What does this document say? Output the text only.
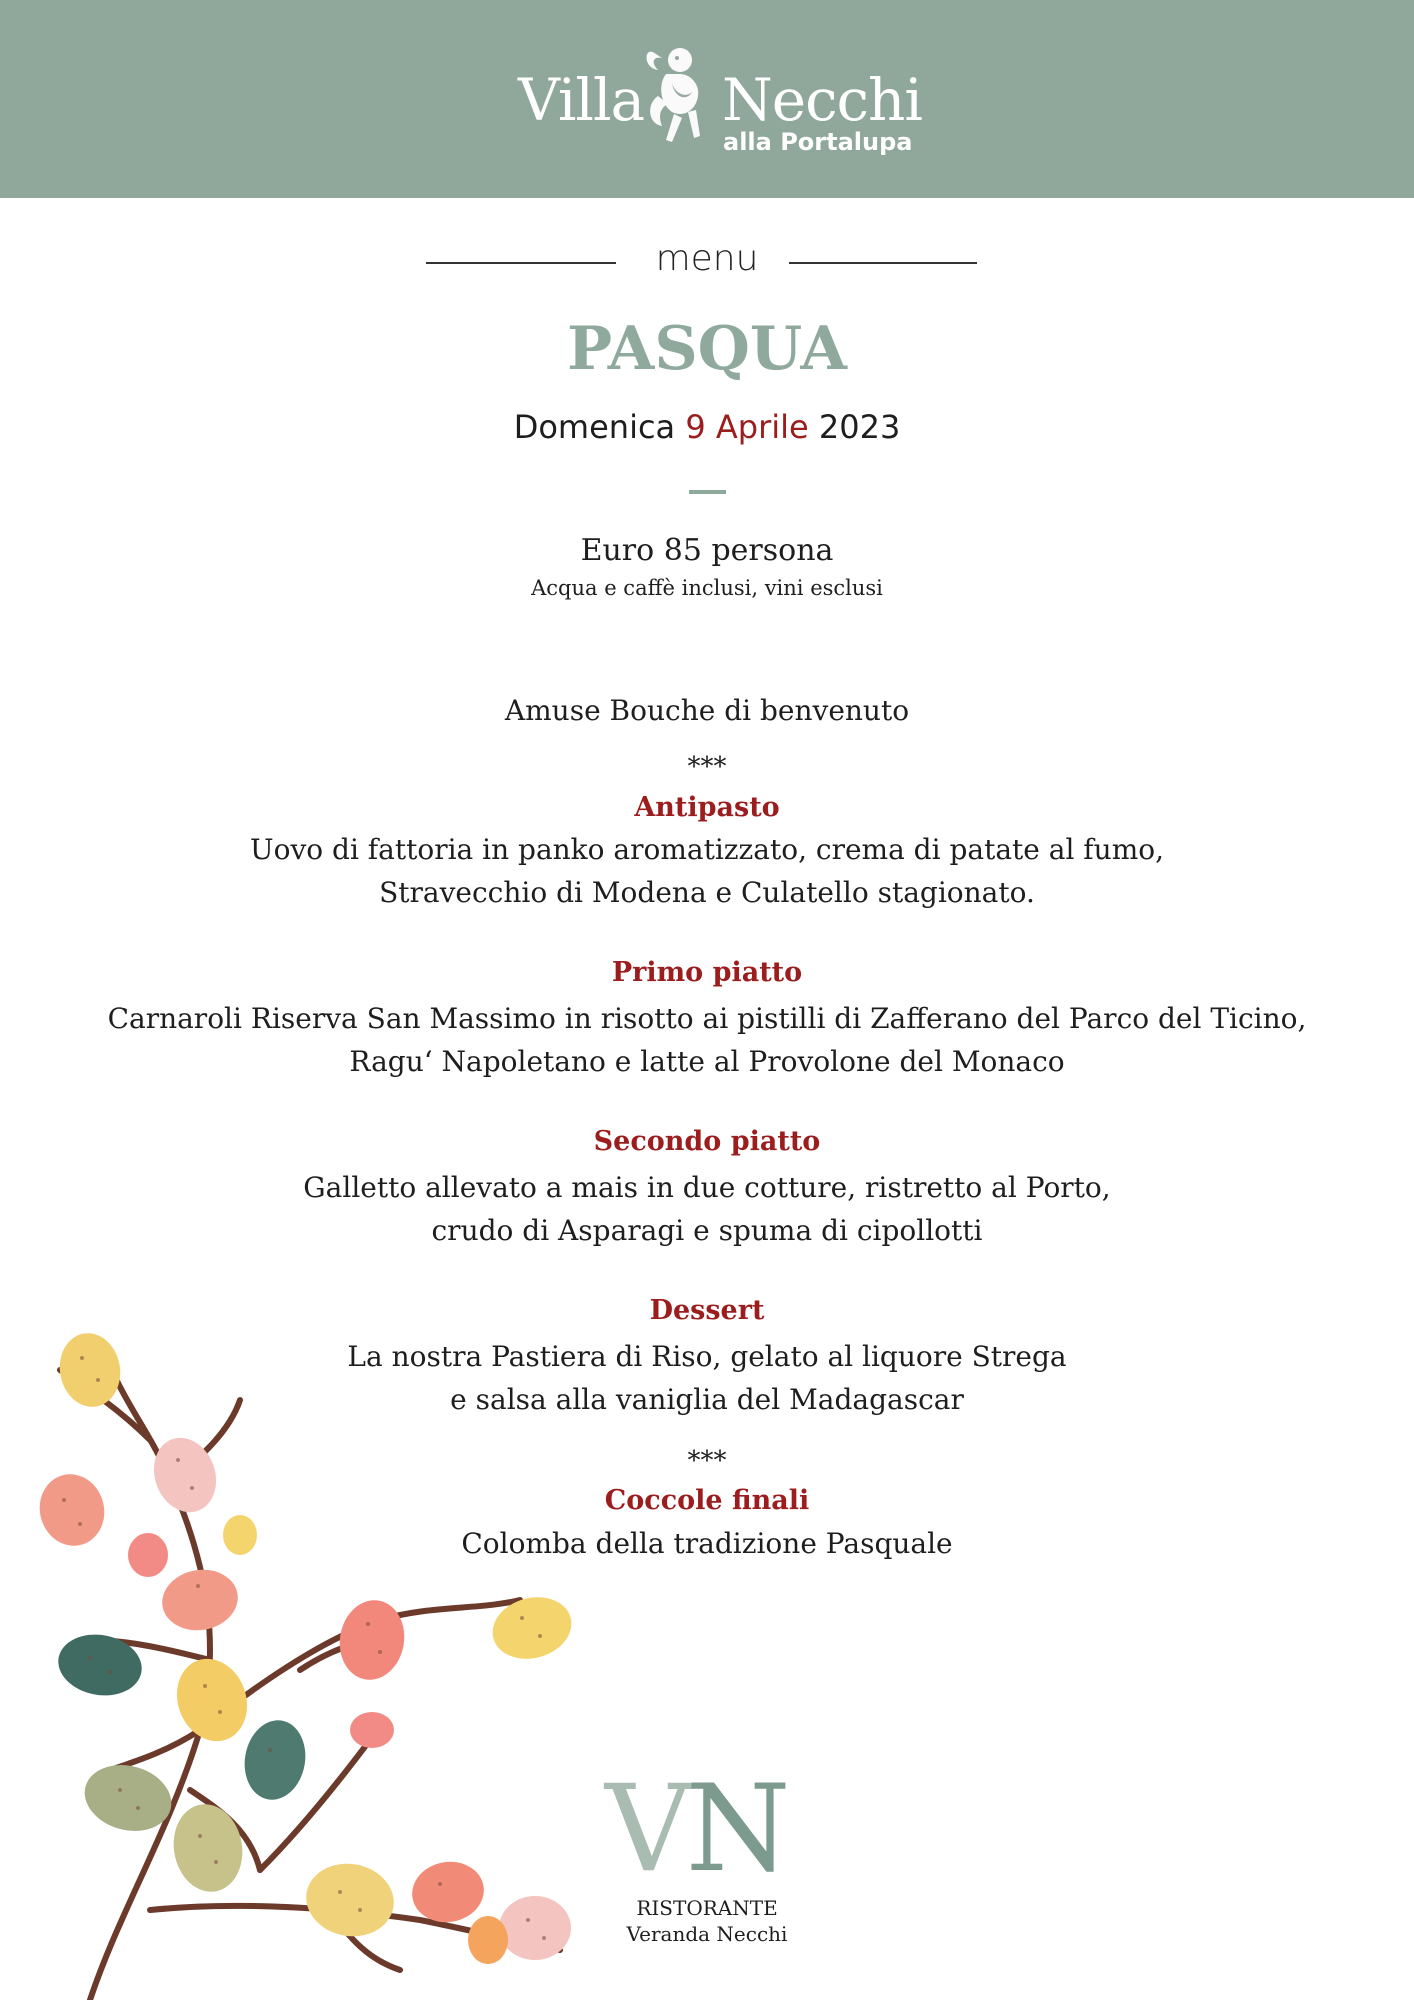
Villa Necchi
alla Portalupa
menu
PASQUA
Domenica 9 Aprile 2023
Euro 85 persona
Acqua e caffè inclusi, vini esclusi
Amuse Bouche di benvenuto
***
Antipasto
Uovo di fattoria in panko aromatizzato, crema di patate al fumo,
Stravecchio di Modena e Culatello stagionato.
Primo piatto
Carnaroli Riserva San Massimo in risotto ai pistilli di Zafferano del Parco del Ticino,
Ragu‘ Napoletano e latte al Provolone del Monaco
Secondo piatto
Galletto allevato a mais in due cotture, ristretto al Porto,
crudo di Asparagi e spuma di cipollotti
Dessert
La nostra Pastiera di Riso, gelato al liquore Strega
e salsa alla vaniglia del Madagascar
***
Coccole finali
Colomba della tradizione Pasquale
VN
RISTORANTE
Veranda Necchi
